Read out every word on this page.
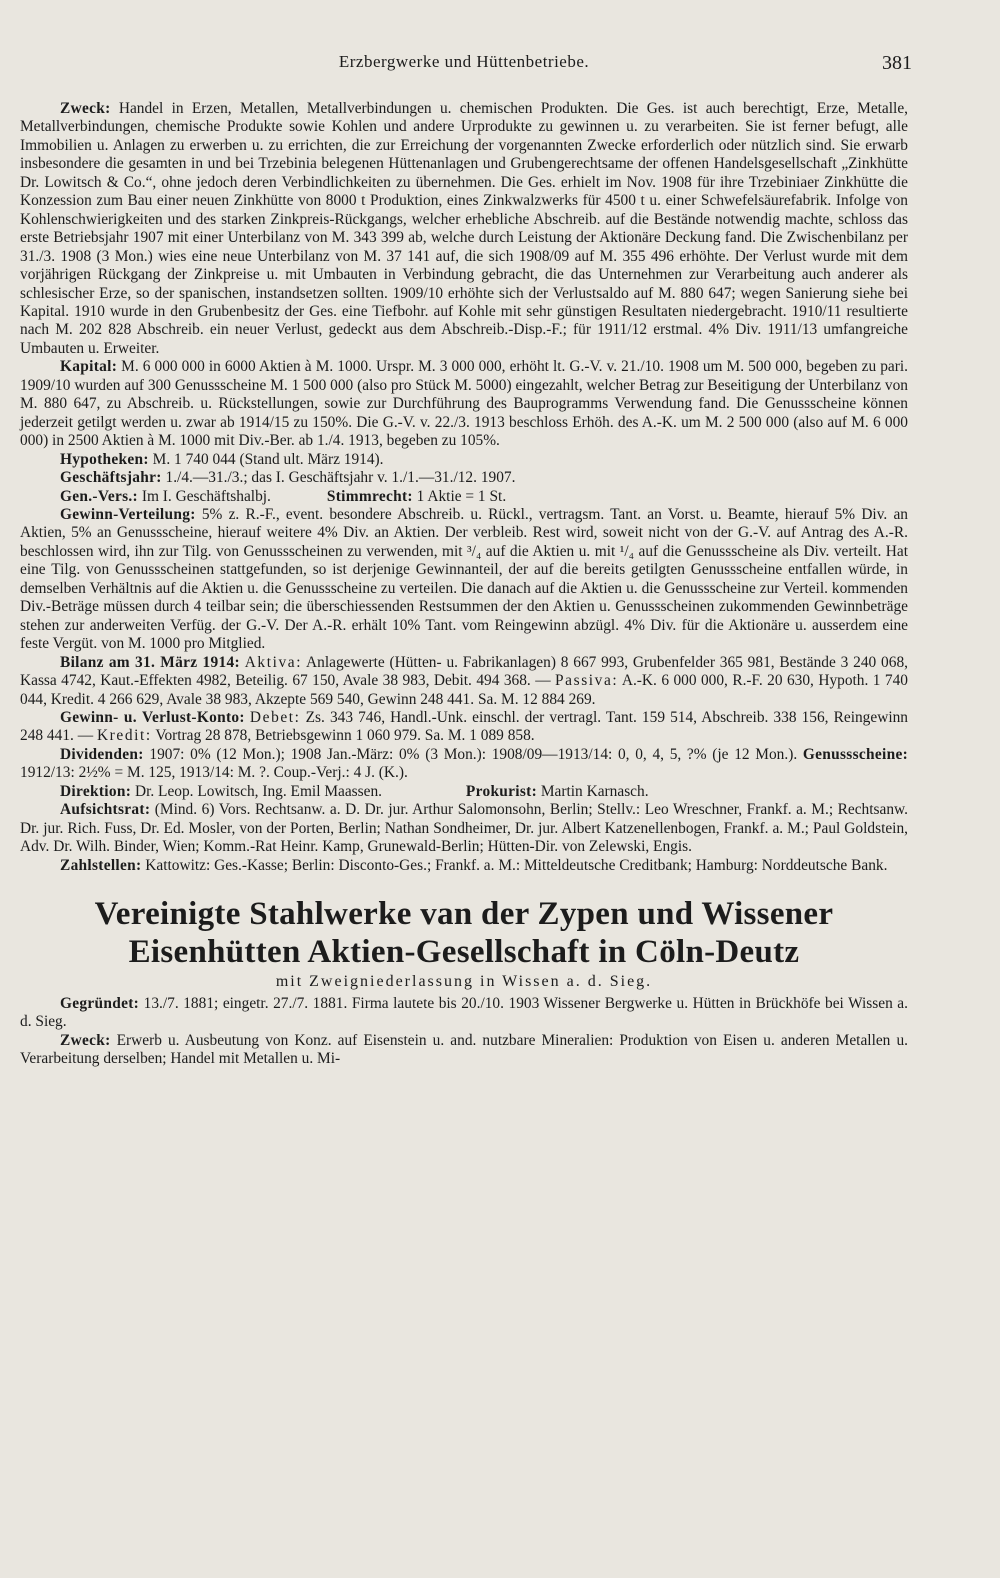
Erzbergwerke und Hüttenbetriebe.	381

Zweck: Handel in Erzen, Metallen, Metallverbindungen u. chemischen Produkten. Die Ges. ist auch berechtigt, Erze, Metalle, Metallverbindungen, chemische Produkte sowie Kohlen und andere Urprodukte zu gewinnen u. zu verarbeiten. Sie ist ferner befugt, alle Immobilien u. Anlagen zu erwerben u. zu errichten, die zur Erreichung der vorgenannten Zwecke erforderlich oder nützlich sind. Sie erwarb insbesondere die gesamten in und bei Trzebinia belegenen Hüttenanlagen und Grubengerechtsame der offenen Handelsgesellschaft „Zinkhütte Dr. Lowitsch & Co.“, ohne jedoch deren Verbindlichkeiten zu übernehmen. Die Ges. erhielt im Nov. 1908 für ihre Trzebiniaer Zinkhütte die Konzession zum Bau einer neuen Zinkhütte von 8000 t Produktion, eines Zinkwalzwerks für 4500 t u. einer Schwefelsäurefabrik. Infolge von Kohlenschwierigkeiten und des starken Zinkpreis-Rückgangs, welcher erhebliche Abschreib. auf die Bestände notwendig machte, schloss das erste Betriebsjahr 1907 mit einer Unterbilanz von M. 343 399 ab, welche durch Leistung der Aktionäre Deckung fand. Die Zwischenbilanz per 31./3. 1908 (3 Mon.) wies eine neue Unterbilanz von M. 37 141 auf, die sich 1908/09 auf M. 355 496 erhöhte. Der Verlust wurde mit dem vorjährigen Rückgang der Zinkpreise u. mit Umbauten in Verbindung gebracht, die das Unternehmen zur Verarbeitung auch anderer als schlesischer Erze, so der spanischen, instandsetzen sollten. 1909/10 erhöhte sich der Verlustsaldo auf M. 880 647; wegen Sanierung siehe bei Kapital. 1910 wurde in den Grubenbesitz der Ges. eine Tiefbohr. auf Kohle mit sehr günstigen Resultaten niedergebracht. 1910/11 resultierte nach M. 202 828 Abschreib. ein neuer Verlust, gedeckt aus dem Abschreib.-Disp.-F.; für 1911/12 erstmal. 4% Div. 1911/13 umfangreiche Umbauten u. Erweiter.

Kapital: M. 6 000 000 in 6000 Aktien à M. 1000. Urspr. M. 3 000 000, erhöht lt. G.-V. v. 21./10. 1908 um M. 500 000, begeben zu pari. 1909/10 wurden auf 300 Genussscheine M. 1 500 000 (also pro Stück M. 5000) eingezahlt, welcher Betrag zur Beseitigung der Unterbilanz von M. 880 647, zu Abschreib. u. Rückstellungen, sowie zur Durchführung des Bauprogramms Verwendung fand. Die Genussscheine können jederzeit getilgt werden u. zwar ab 1914/15 zu 150%. Die G.-V. v. 22./3. 1913 beschloss Erhöh. des A.-K. um M. 2 500 000 (also auf M. 6 000 000) in 2500 Aktien à M. 1000 mit Div.-Ber. ab 1./4. 1913, begeben zu 105%.

Hypotheken: M. 1 740 044 (Stand ult. März 1914).

Geschäftsjahr: 1./4.—31./3.; das I. Geschäftsjahr v. 1./1.—31./12. 1907.

Gen.-Vers.: Im I. Geschäftshalbj.	Stimmrecht: 1 Aktie = 1 St.

Gewinn-Verteilung: 5% z. R.-F., event. besondere Abschreib. u. Rückl., vertragsm. Tant. an Vorst. u. Beamte, hierauf 5% Div. an Aktien, 5% an Genussscheine, hierauf weitere 4% Div. an Aktien. Der verbleib. Rest wird, soweit nicht von der G.-V. auf Antrag des A.-R. beschlossen wird, ihn zur Tilg. von Genussscheinen zu verwenden, mit ³/₄ auf die Aktien u. mit ¹/₄ auf die Genussscheine als Div. verteilt. Hat eine Tilg. von Genussscheinen stattgefunden, so ist derjenige Gewinnanteil, der auf die bereits getilgten Genussscheine entfallen würde, in demselben Verhältnis auf die Aktien u. die Genussscheine zu verteilen. Die danach auf die Aktien u. die Genussscheine zur Verteil. kommenden Div.-Beträge müssen durch 4 teilbar sein; die überschiessenden Restsummen der den Aktien u. Genussscheinen zukommenden Gewinnbeträge stehen zur anderweiten Verfüg. der G.-V. Der A.-R. erhält 10% Tant. vom Reingewinn abzügl. 4% Div. für die Aktionäre u. ausserdem eine feste Vergüt. von M. 1000 pro Mitglied.

Bilanz am 31. März 1914: Aktiva: Anlagewerte (Hütten- u. Fabrikanlagen) 8 667 993, Grubenfelder 365 981, Bestände 3 240 068, Kassa 4742, Kaut.-Effekten 4982, Beteilig. 67 150, Avale 38 983, Debit. 494 368. — Passiva: A.-K. 6 000 000, R.-F. 20 630, Hypoth. 1 740 044, Kredit. 4 266 629, Avale 38 983, Akzepte 569 540, Gewinn 248 441. Sa. M. 12 884 269.

Gewinn- u. Verlust-Konto: Debet: Zs. 343 746, Handl.-Unk. einschl. der vertragl. Tant. 159 514, Abschreib. 338 156, Reingewinn 248 441. — Kredit: Vortrag 28 878, Betriebsgewinn 1 060 979. Sa. M. 1 089 858.

Dividenden: 1907: 0% (12 Mon.); 1908 Jan.-März: 0% (3 Mon.): 1908/09—1913/14: 0, 0, 4, 5, ?% (je 12 Mon.). Genussscheine: 1912/13: 2½% = M. 125, 1913/14: M. ?. Coup.-Verj.: 4 J. (K.).

Direktion: Dr. Leop. Lowitsch, Ing. Emil Maassen.	Prokurist: Martin Karnasch.

Aufsichtsrat: (Mind. 6) Vors. Rechtsanw. a. D. Dr. jur. Arthur Salomonsohn, Berlin; Stellv.: Leo Wreschner, Frankf. a. M.; Rechtsanw. Dr. jur. Rich. Fuss, Dr. Ed. Mosler, von der Porten, Berlin; Nathan Sondheimer, Dr. jur. Albert Katzenellenbogen, Frankf. a. M.; Paul Goldstein, Adv. Dr. Wilh. Binder, Wien; Komm.-Rat Heinr. Kamp, Grunewald-Berlin; Hütten-Dir. von Zelewski, Engis.

Zahlstellen: Kattowitz: Ges.-Kasse; Berlin: Disconto-Ges.; Frankf. a. M.: Mitteldeutsche Creditbank; Hamburg: Norddeutsche Bank.

Vereinigte Stahlwerke van der Zypen und Wissener

Eisenhütten Aktien-Gesellschaft in Cöln-Deutz

mit Zweigniederlassung in Wissen a. d. Sieg.

Gegründet: 13./7. 1881; eingetr. 27./7. 1881. Firma lautete bis 20./10. 1903 Wissener Bergwerke u. Hütten in Brückhöfe bei Wissen a. d. Sieg.

Zweck: Erwerb u. Ausbeutung von Konz. auf Eisenstein u. and. nutzbare Mineralien: Produktion von Eisen u. anderen Metallen u. Verarbeitung derselben; Handel mit Metallen u. Mi-
